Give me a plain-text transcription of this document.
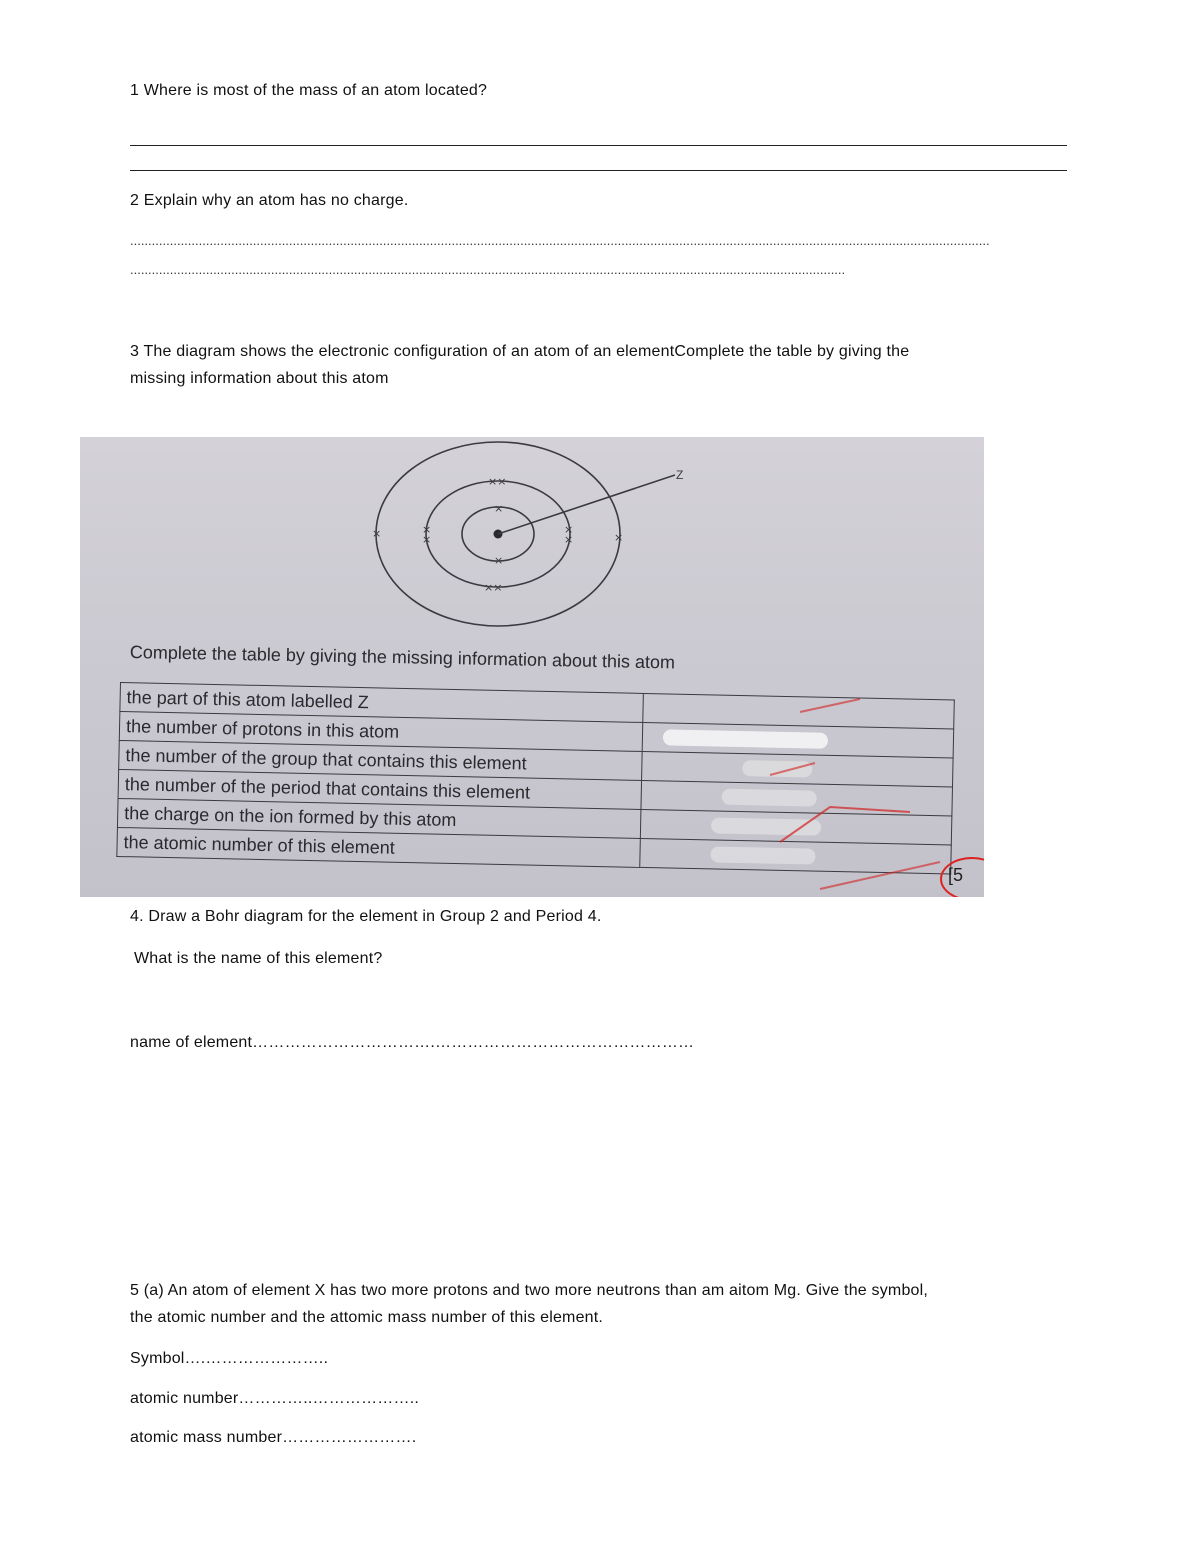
1 Where is most of the mass of an atom located?
2 Explain why an atom has no charge.
..............................................................................................................................................................................................................................................
......................................................................................................................................................................................................
3 The diagram shows the electronic configuration of an atom of an elementComplete the table by giving the
missing information about this atom
Z
×
×
××
××
×
×
×
×
×	×
Complete the table by giving the missing information about this atom
the part of this atom labelled Z	
the number of protons in this atom	

the number of the group that contains this element	

the number of the period that contains this element	

the charge on the ion formed by this atom	

the atomic number of this element	
[5
4. Draw a Bohr diagram for the element in Group 2 and Period 4.
What is the name of this element?
name of element…………………………….…………………………………………
5 (a) An atom of element X has two more protons and two more neutrons than am aitom Mg. Give the symbol,
the atomic number and the attomic mass number of this element.
Symbol….…………………..
atomic number…………..………………..
atomic mass number…………………….
